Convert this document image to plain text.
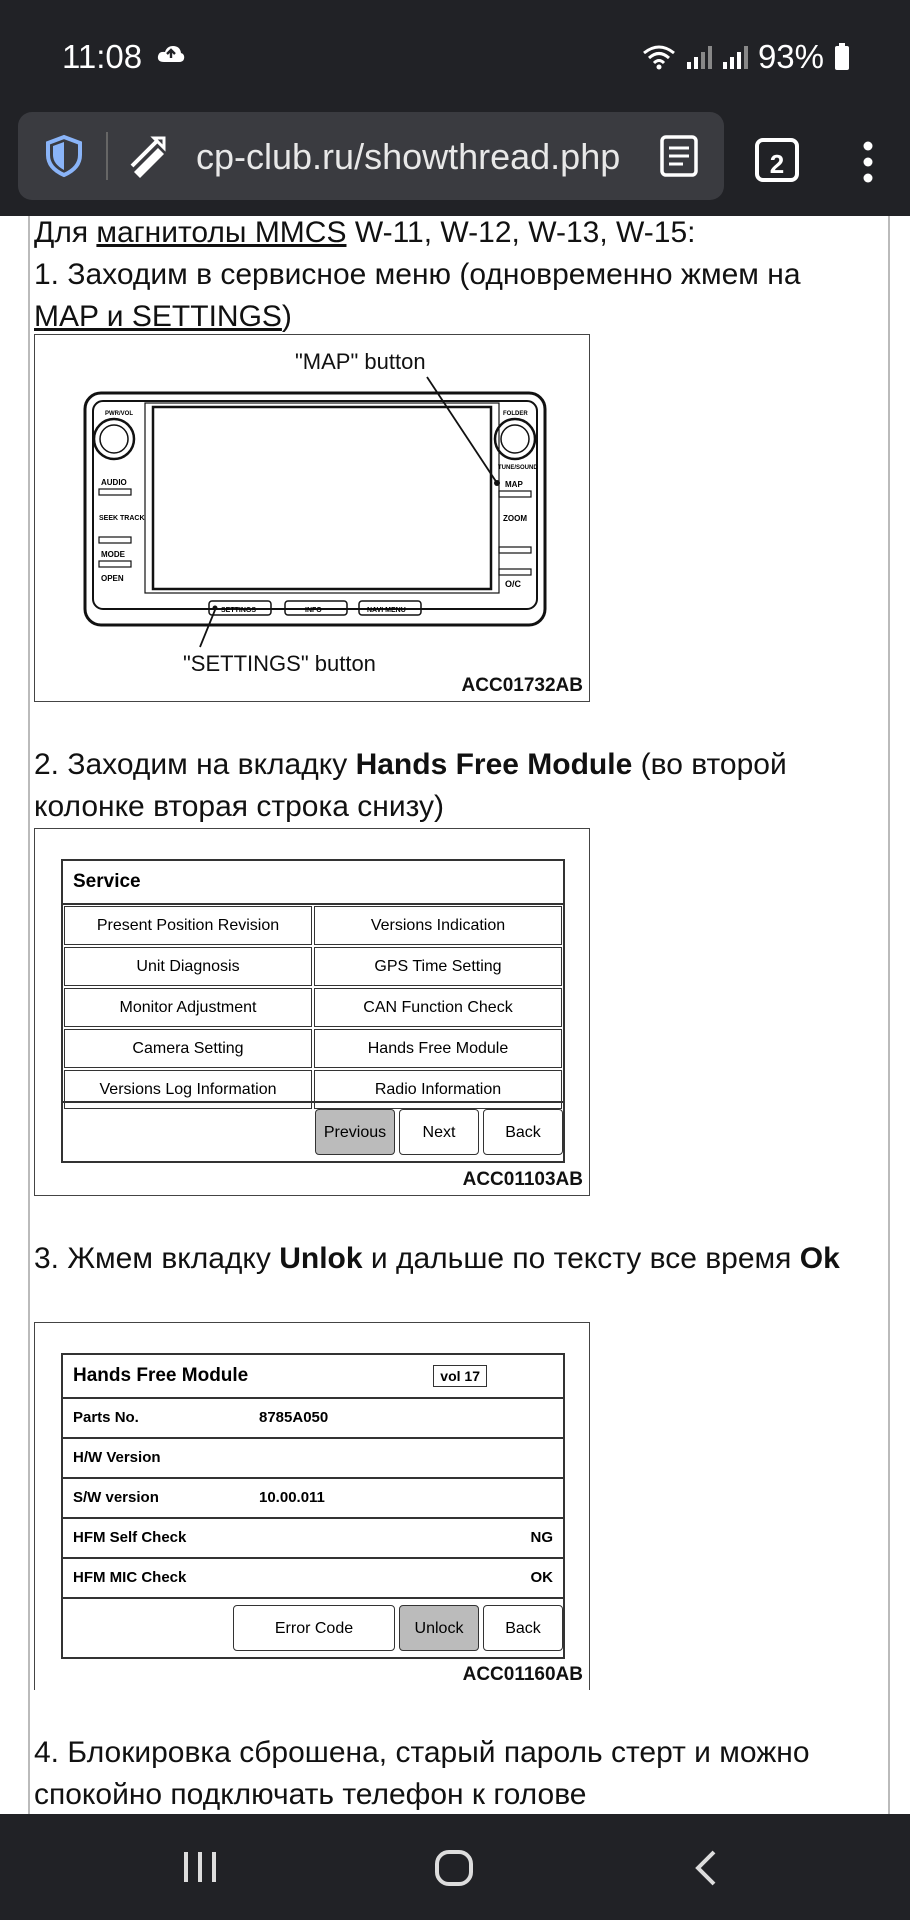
11:08	93%
cp-club.ru/showthread.php	2
Для магнитолы MMCS W-11, W-12, W-13, W-15:
1. Заходим в сервисное меню (одновременно жмем на
MAP и SETTINGS)
"MAP" button
PWR/VOL
AUDIO
SEEK TRACK
MODE
OPEN
FOLDER
TUNE/SOUND
MAP
ZOOM
O/C
SETTINGS	INFO	NAVI MENU
"SETTINGS" button
ACC01732AB
2. Заходим на вкладку Hands Free Module (во второй колонке вторая строка снизу)
Service
Present Position Revision	Versions Indication
Unit Diagnosis	GPS Time Setting
Monitor Adjustment	CAN Function Check
Camera Setting	Hands Free Module
Versions Log Information	Radio Information
Previous	Next	Back
ACC01103AB
3. Жмем вкладку Unlok и дальше по тексту все время Ok
Hands Free Module	vol 17
Parts No.	8785A050
H/W Version
S/W version	10.00.011
HFM Self Check	NG
HFM MIC Check	OK
Error Code	Unlock	Back
ACC01160AB
4. Блокировка сброшена, старый пароль стерт и можно спокойно подключать телефон к голове
